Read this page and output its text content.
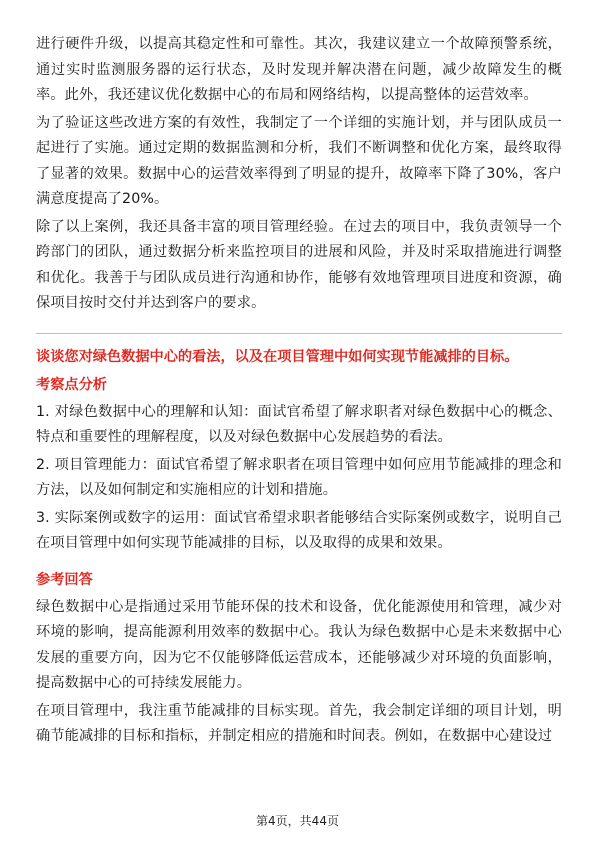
进行硬件升级，以提高其稳定性和可靠性。其次，我建议建立一个故障预警系统，通过实时监测服务器的运行状态，及时发现并解决潜在问题，减少故障发生的概率。此外，我还建议优化数据中心的布局和网络结构，以提高整体的运营效率。

为了验证这些改进方案的有效性，我制定了一个详细的实施计划，并与团队成员一起进行了实施。通过定期的数据监测和分析，我们不断调整和优化方案，最终取得了显著的效果。数据中心的运营效率得到了明显的提升，故障率下降了30%，客户满意度提高了20%。

除了以上案例，我还具备丰富的项目管理经验。在过去的项目中，我负责领导一个跨部门的团队，通过数据分析来监控项目的进展和风险，并及时采取措施进行调整和优化。我善于与团队成员进行沟通和协作，能够有效地管理项目进度和资源，确保项目按时交付并达到客户的要求。

谈谈您对绿色数据中心的看法，以及在项目管理中如何实现节能减排的目标。
考察点分析

1. 对绿色数据中心的理解和认知：面试官希望了解求职者对绿色数据中心的概念、特点和重要性的理解程度，以及对绿色数据中心发展趋势的看法。

2. 项目管理能力：面试官希望了解求职者在项目管理中如何应用节能减排的理念和方法，以及如何制定和实施相应的计划和措施。

3. 实际案例或数字的运用：面试官希望求职者能够结合实际案例或数字，说明自己在项目管理中如何实现节能减排的目标，以及取得的成果和效果。

参考回答

绿色数据中心是指通过采用节能环保的技术和设备，优化能源使用和管理，减少对环境的影响，提高能源利用效率的数据中心。我认为绿色数据中心是未来数据中心发展的重要方向，因为它不仅能够降低运营成本，还能够减少对环境的负面影响，提高数据中心的可持续发展能力。

在项目管理中，我注重节能减排的目标实现。首先，我会制定详细的项目计划，明确节能减排的目标和指标，并制定相应的措施和时间表。例如，在数据中心建设过

第4页，共44页
